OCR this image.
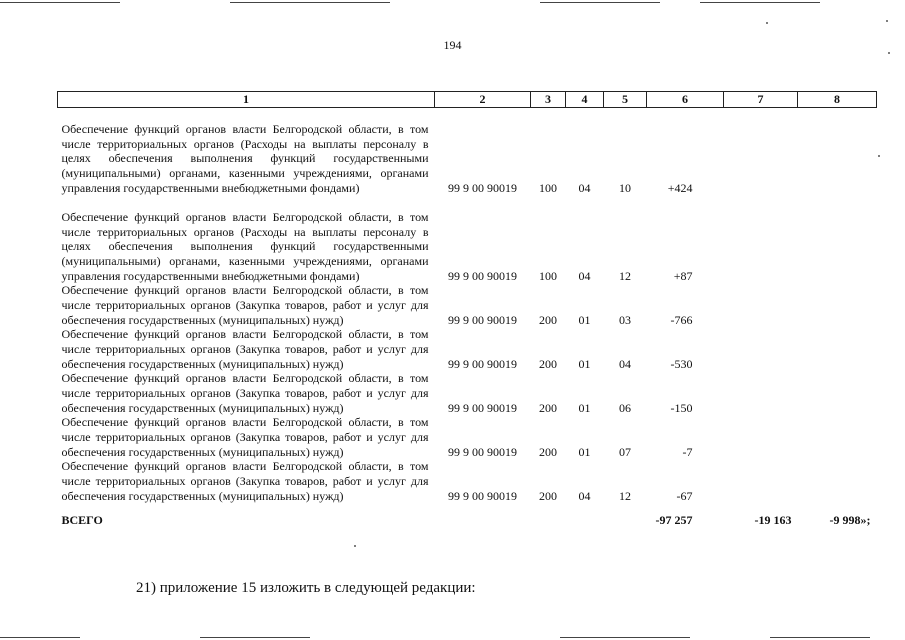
194
1	2	3	4	5	6	7	8
Обеспечение функций органов власти Белгородской области, в том числе территориальных органов (Расходы на выплаты персоналу в целях обеспечения выполнения функций государственными (муниципальными) органами, казенными учреждениями, органами управления государственными внебюджетными фондами)	99 9 00 90019	100	04	10	+424		
Обеспечение функций органов власти Белгородской области, в том числе территориальных органов (Расходы на выплаты персоналу в целях обеспечения выполнения функций государственными (муниципальными) органами, казенными учреждениями, органами управления государственными внебюджетными фондами)	99 9 00 90019	100	04	12	+87		
Обеспечение функций органов власти Белгородской области, в том числе территориальных органов (Закупка товаров, работ и услуг для обеспечения государственных (муниципальных) нужд)	99 9 00 90019	200	01	03	-766		
Обеспечение функций органов власти Белгородской области, в том числе территориальных органов (Закупка товаров, работ и услуг для обеспечения государственных (муниципальных) нужд)	99 9 00 90019	200	01	04	-530		
Обеспечение функций органов власти Белгородской области, в том числе территориальных органов (Закупка товаров, работ и услуг для обеспечения государственных (муниципальных) нужд)	99 9 00 90019	200	01	06	-150		
Обеспечение функций органов власти Белгородской области, в том числе территориальных органов (Закупка товаров, работ и услуг для обеспечения государственных (муниципальных) нужд)	99 9 00 90019	200	01	07	-7		
Обеспечение функций органов власти Белгородской области, в том числе территориальных органов (Закупка товаров, работ и услуг для обеспечения государственных (муниципальных) нужд)	99 9 00 90019	200	04	12	-67		
ВСЕГО					-97 257	-19 163	-9 998»;
21) приложение 15 изложить в следующей редакции:
